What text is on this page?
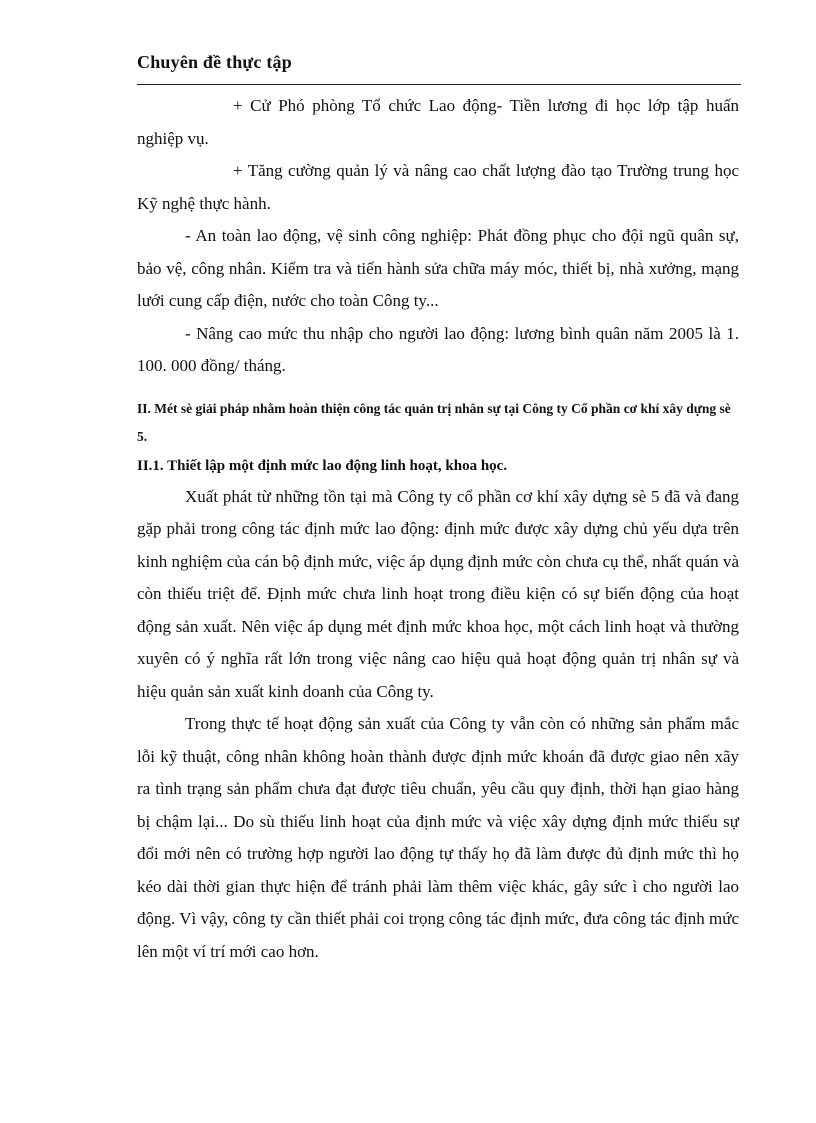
Chuyên đề thực tập

+ Cử Phó phòng Tổ chức Lao động- Tiền lương đi học lớp tập huấn nghiệp vụ.

+ Tăng cường quản lý và nâng cao chất lượng đào tạo Trường trung học Kỹ nghệ thực hành.

- An toàn lao động, vệ sinh công nghiệp: Phát đồng phục cho đội ngũ quân sự, bảo vệ, công nhân. Kiểm tra và tiến hành sửa chữa máy móc, thiết bị, nhà xưởng, mạng lưới cung cấp điện, nước cho toàn Công ty...

- Nâng cao mức thu nhập cho người lao động: lương bình quân năm 2005 là 1. 100. 000 đồng/ tháng.

II. Mét sè giải pháp nhằm hoàn thiện công tác quản trị nhân sự tại Công ty Cổ phần cơ khí xây dựng sè 5.

II.1. Thiết lập một định mức lao động linh hoạt, khoa học.

Xuất phát từ những tồn tại mà Công ty cổ phần cơ khí xây dựng sè 5 đã và đang gặp phải trong công tác định mức lao động: định mức được xây dựng chủ yếu dựa trên kinh nghiệm của cán bộ định mức, việc áp dụng định mức còn chưa cụ thể, nhất quán và còn thiếu triệt để. Định mức chưa linh hoạt trong điều kiện có sự biến động của hoạt động sản xuất. Nên việc áp dụng mét định mức khoa học, một cách linh hoạt và thường xuyên có ý nghĩa rất lớn trong việc nâng cao hiệu quả hoạt động quản trị nhân sự và hiệu quản sản xuất kinh doanh của Công ty.

Trong thực tế hoạt động sản xuất của Công ty vẫn còn có những sản phẩm mắc lỗi kỹ thuật, công nhân không hoàn thành được định mức khoán đã được giao nên xãy ra tình trạng sản phẩm chưa đạt được tiêu chuẩn, yêu cầu quy định, thời hạn giao hàng bị chậm lại... Do sù thiếu linh hoạt của định mức và việc xây dựng định mức thiếu sự đổi mới nên có trường hợp người lao động tự thấy họ đã làm được đủ định mức thì họ kéo dài thời gian thực hiện để tránh phải làm thêm việc khác, gây sức ì cho người lao động. Vì vậy, công ty cần thiết phải coi trọng công tác định mức, đưa công tác định mức lên một ví trí mới cao hơn.
